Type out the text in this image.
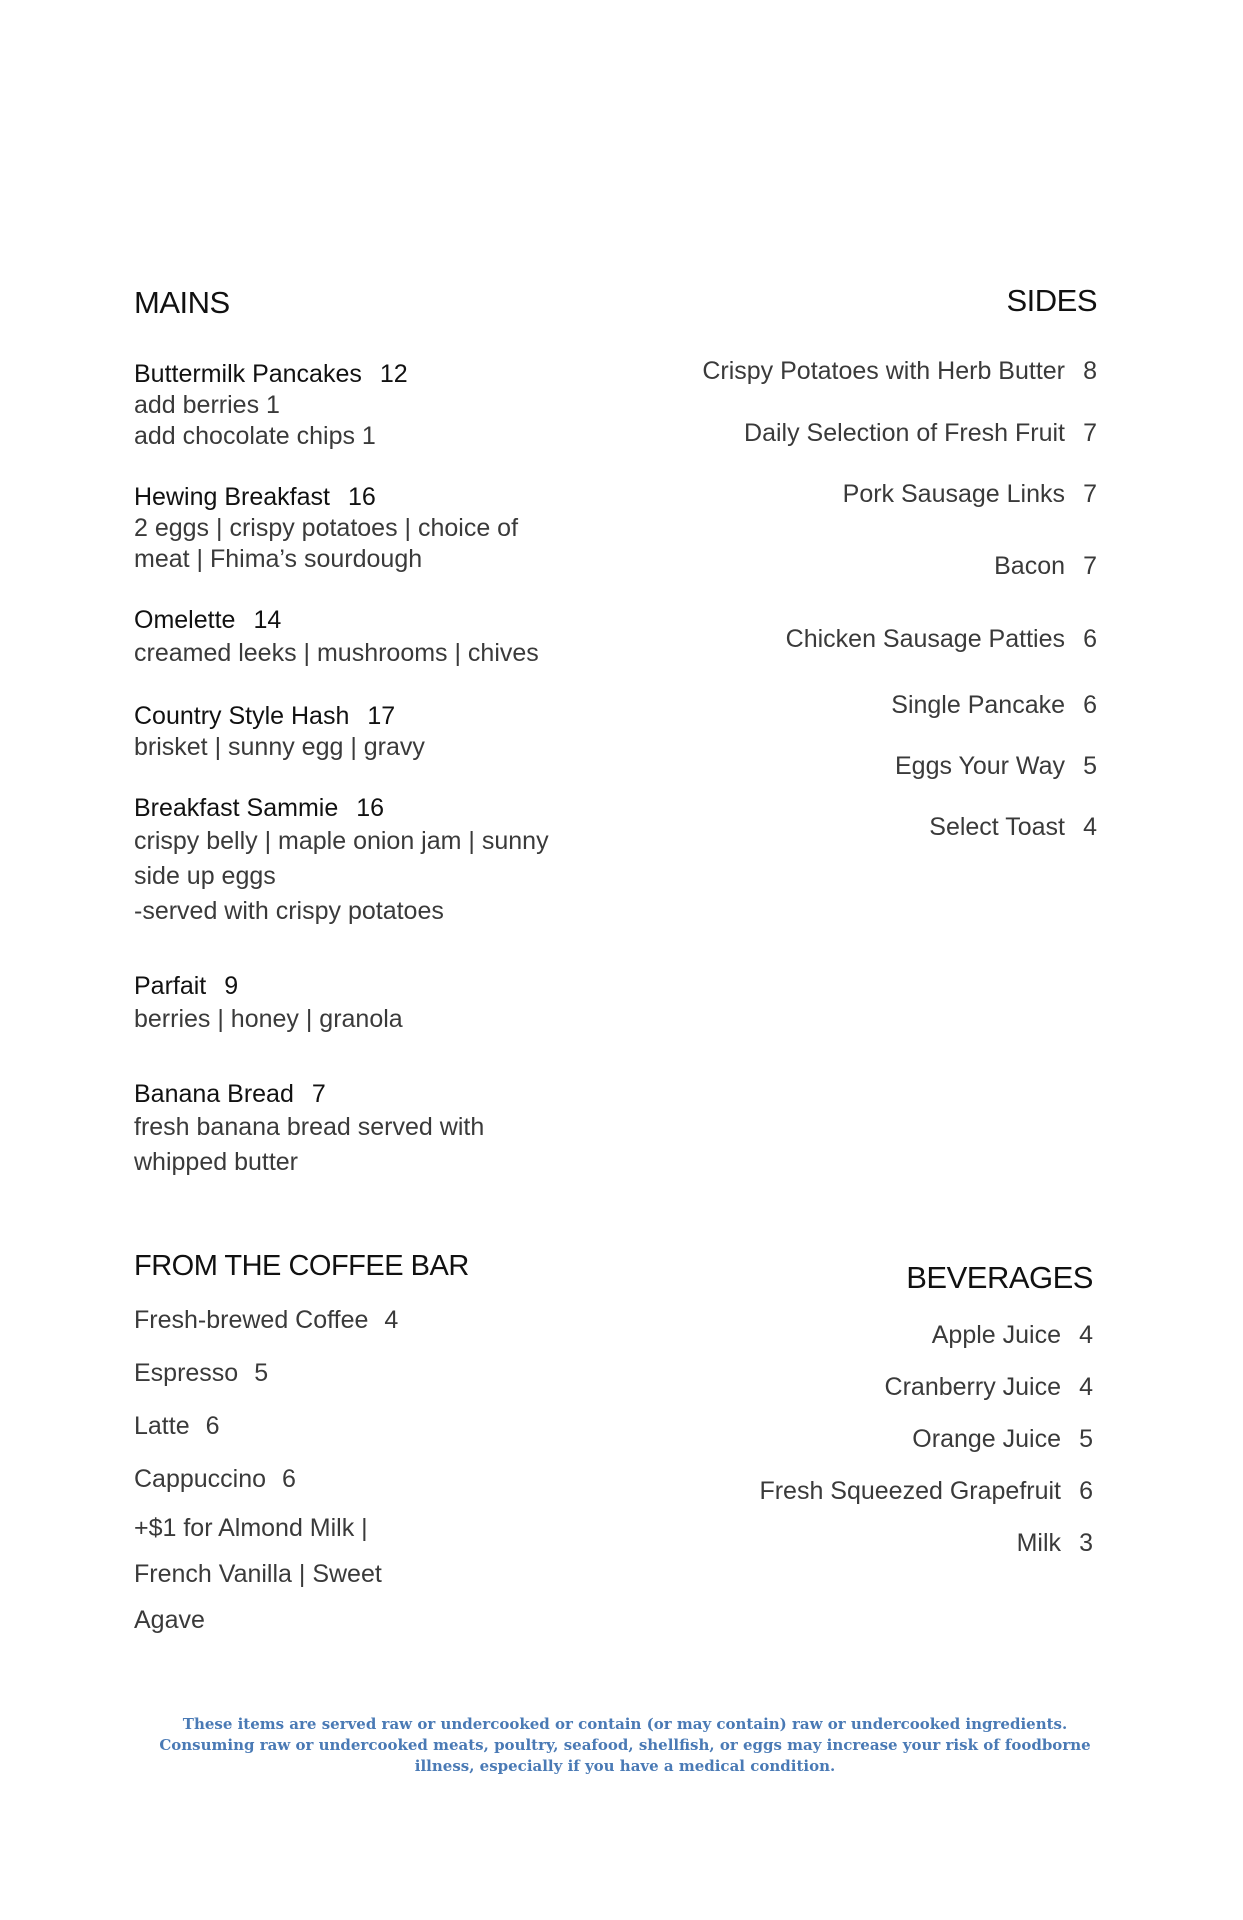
MAINS
Buttermilk Pancakes 12
add berries 1
add chocolate chips 1
Hewing Breakfast 16
2 eggs | crispy potatoes | choice of
meat | Fhima’s sourdough
Omelette 14
creamed leeks | mushrooms | chives
Country Style Hash 17
brisket | sunny egg | gravy
Breakfast Sammie 16
crispy belly | maple onion jam | sunny
side up eggs
-served with crispy potatoes
Parfait 9
berries | honey | granola
Banana Bread 7
fresh banana bread served with
whipped butter
SIDES
Crispy Potatoes with Herb Butter 8
Daily Selection of Fresh Fruit 7
Pork Sausage Links 7
Bacon 7
Chicken Sausage Patties 6
Single Pancake 6
Eggs Your Way 5
Select Toast 4
FROM THE COFFEE BAR
Fresh-brewed Coffee 4
Espresso 5
Latte 6
Cappuccino 6
+$1 for Almond Milk | French Vanilla | Sweet Agave
BEVERAGES
Apple Juice 4
Cranberry Juice 4
Orange Juice 5
Fresh Squeezed Grapefruit 6
Milk 3
These items are served raw or undercooked or contain (or may contain) raw or undercooked ingredients. Consuming raw or undercooked meats, poultry, seafood, shellfish, or eggs may increase your risk of foodborne illness, especially if you have a medical condition.
